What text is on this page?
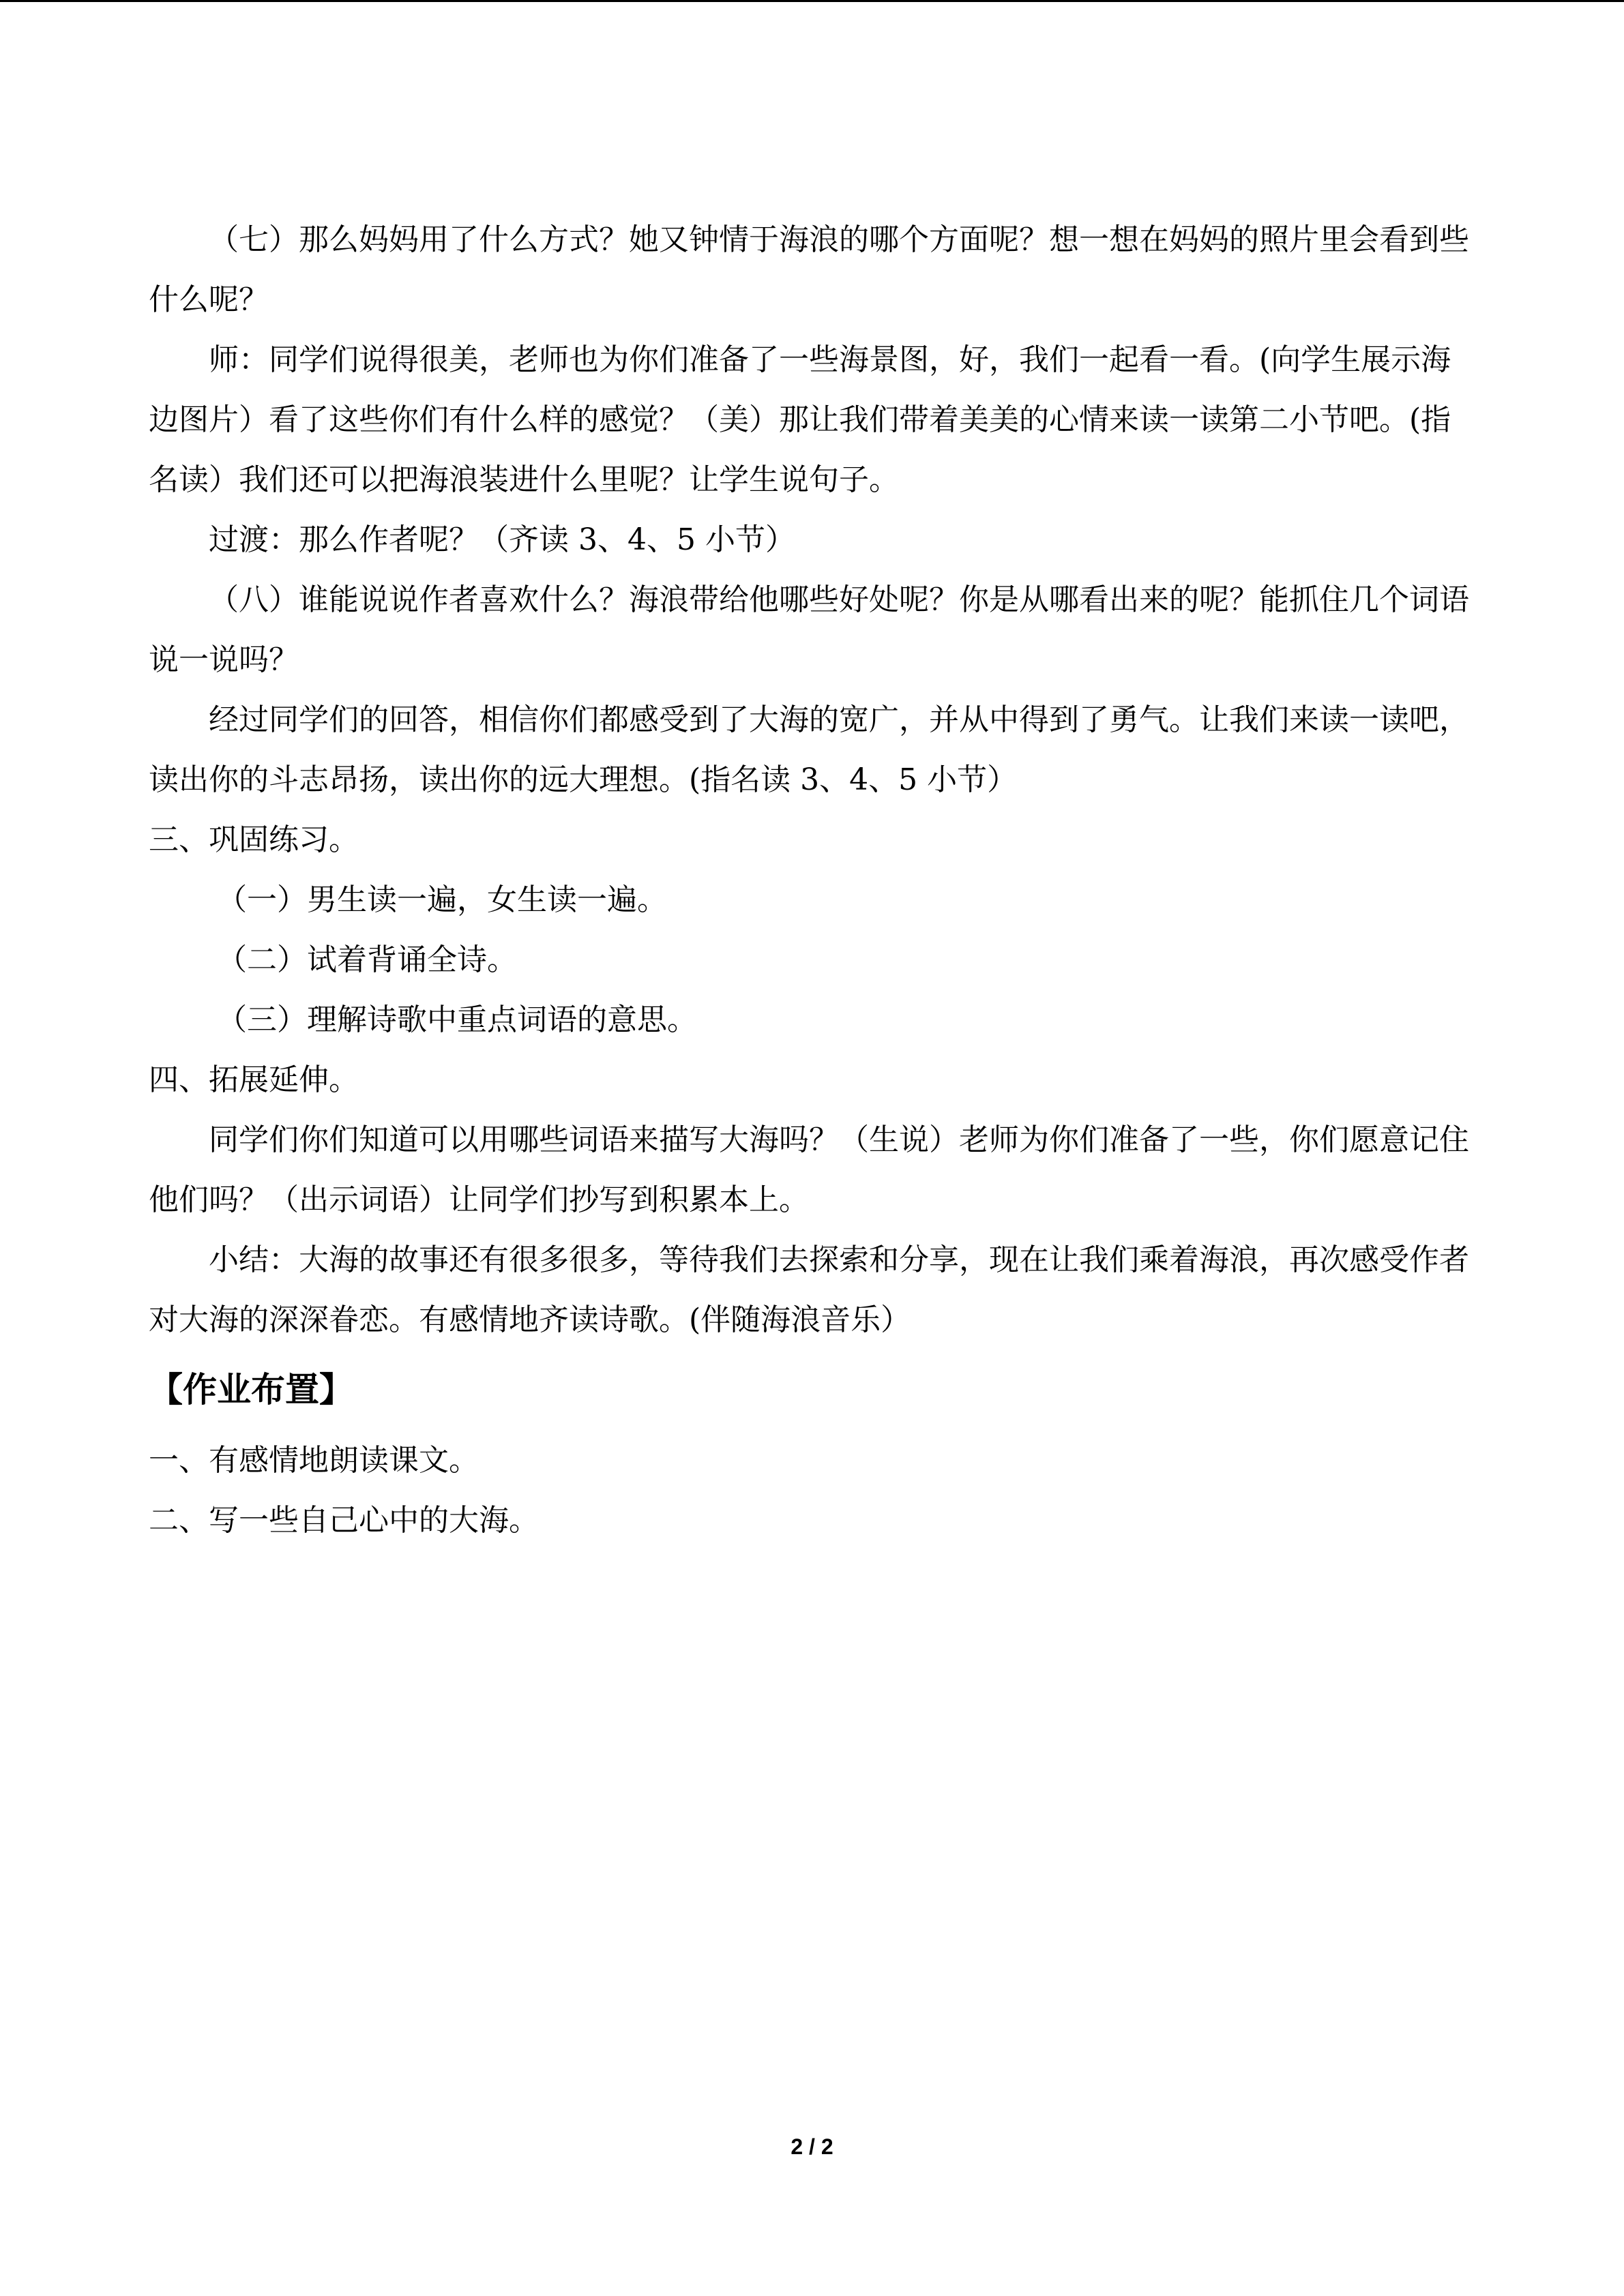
（七）那么妈妈用了什么方式？她又钟情于海浪的哪个方面呢？想一想在妈妈的照片里会看到些什么呢？

师：同学们说得很美，老师也为你们准备了一些海景图，好，我们一起看一看。(向学生展示海边图片）看了这些你们有什么样的感觉？（美）那让我们带着美美的心情来读一读第二小节吧。(指名读）我们还可以把海浪装进什么里呢？让学生说句子。

过渡：那么作者呢？（齐读 3、4、5 小节）

（八）谁能说说作者喜欢什么？海浪带给他哪些好处呢？你是从哪看出来的呢？能抓住几个词语说一说吗？

经过同学们的回答，相信你们都感受到了大海的宽广，并从中得到了勇气。让我们来读一读吧，读出你的斗志昂扬，读出你的远大理想。(指名读 3、4、5 小节）

三、巩固练习。

（一）男生读一遍，女生读一遍。

（二）试着背诵全诗。

（三）理解诗歌中重点词语的意思。

四、拓展延伸。

同学们你们知道可以用哪些词语来描写大海吗？（生说）老师为你们准备了一些，你们愿意记住他们吗？（出示词语）让同学们抄写到积累本上。

小结：大海的故事还有很多很多，等待我们去探索和分享，现在让我们乘着海浪，再次感受作者对大海的深深眷恋。有感情地齐读诗歌。(伴随海浪音乐）

【作业布置】

一、有感情地朗读课文。

二、写一些自己心中的大海。

2 / 2
